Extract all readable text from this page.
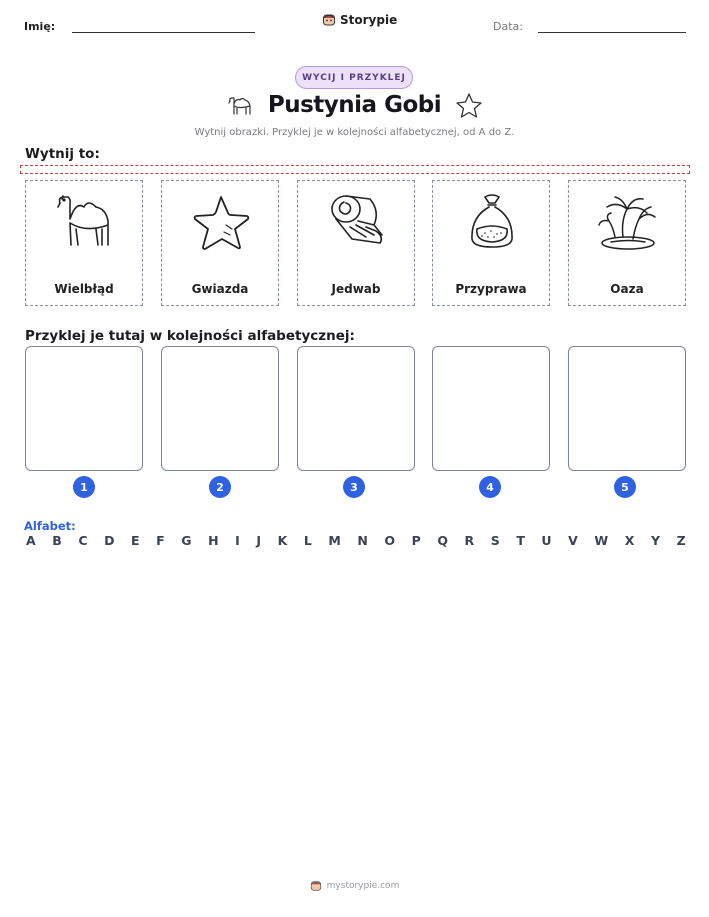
Imię:	Storypie	Data:
WYCIJ I PRZYKLEJ
Pustynia Gobi
Wytnij obrazki. Przyklej je w kolejności alfabetycznej, od A do Z.
Wytnij to:
Wielbłąd	Gwiazda	Jedwab	Przyprawa	Oaza
Przyklej je tutaj w kolejności alfabetycznej:
1	2	3	4	5
Alfabet:
A B C D E F G H I J K L M N O P Q R S T U V W X Y Z
mystorypie.com
